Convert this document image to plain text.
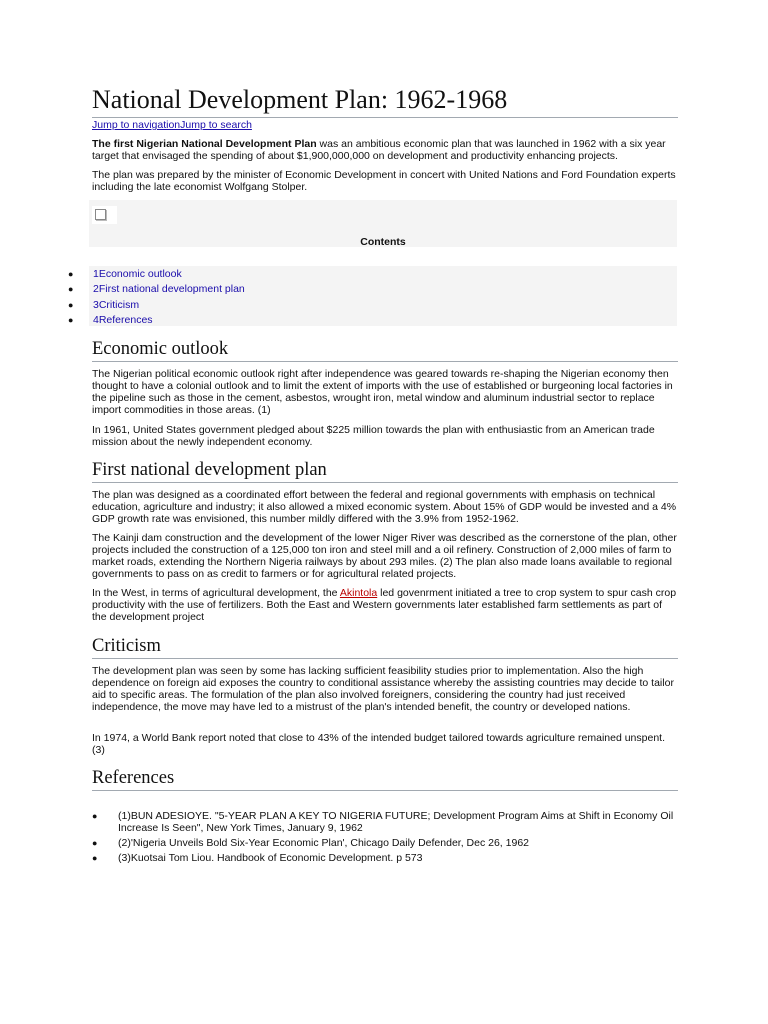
National Development Plan: 1962-1968
Jump to navigationJump to search

The first Nigerian National Development Plan was an ambitious economic plan that was launched in 1962 with a six year target that envisaged the spending of about $1,900,000,000 on development and productivity enhancing projects.

The plan was prepared by the minister of Economic Development in concert with United Nations and Ford Foundation experts including the late economist Wolfgang Stolper.

Contents
● 1Economic outlook
● 2First national development plan
● 3Criticism
● 4References
Economic outlook

The Nigerian political economic outlook right after independence was geared towards re-shaping the Nigerian economy then thought to have a colonial outlook and to limit the extent of imports with the use of established or burgeoning local factories in the pipeline such as those in the cement, asbestos, wrought iron, metal window and aluminum industrial sector to replace import commodities in those areas. (1)

In 1961, United States government pledged about $225 million towards the plan with enthusiastic from an American trade mission about the newly independent economy.

First national development plan

The plan was designed as a coordinated effort between the federal and regional governments with emphasis on technical education, agriculture and industry; it also allowed a mixed economic system. About 15% of GDP would be invested and a 4% GDP growth rate was envisioned, this number mildly differed with the 3.9% from 1952-1962.

The Kainji dam construction and the development of the lower Niger River was described as the cornerstone of the plan, other projects included the construction of a 125,000 ton iron and steel mill and a oil refinery. Construction of 2,000 miles of farm to market roads, extending the Northern Nigeria railways by about 293 miles. (2) The plan also made loans available to regional governments to pass on as credit to farmers or for agricultural related projects.

In the West, in terms of agricultural development, the Akintola led govenrment initiated a tree to crop system to spur cash crop productivity with the use of fertilizers. Both the East and Western governments later established farm settlements as part of the development project

Criticism

The development plan was seen by some has lacking sufficient feasibility studies prior to implementation. Also the high dependence on foreign aid exposes the country to conditional assistance whereby the assisting countries may decide to tailor aid to specific areas. The formulation of the plan also involved foreigners, considering the country had just received independence, the move may have led to a mistrust of the plan's intended benefit, the country or developed nations.

In 1974, a World Bank report noted that close to 43% of the intended budget tailored towards agriculture remained unspent. (3)

References
● (1)BUN ADESIOYE. "5-YEAR PLAN A KEY TO NIGERIA FUTURE; Development Program Aims at Shift in Economy Oil Increase Is Seen", New York Times, January 9, 1962
● (2)'Nigeria Unveils Bold Six-Year Economic Plan', Chicago Daily Defender, Dec 26, 1962
● (3)Kuotsai Tom Liou. Handbook of Economic Development. p 573
